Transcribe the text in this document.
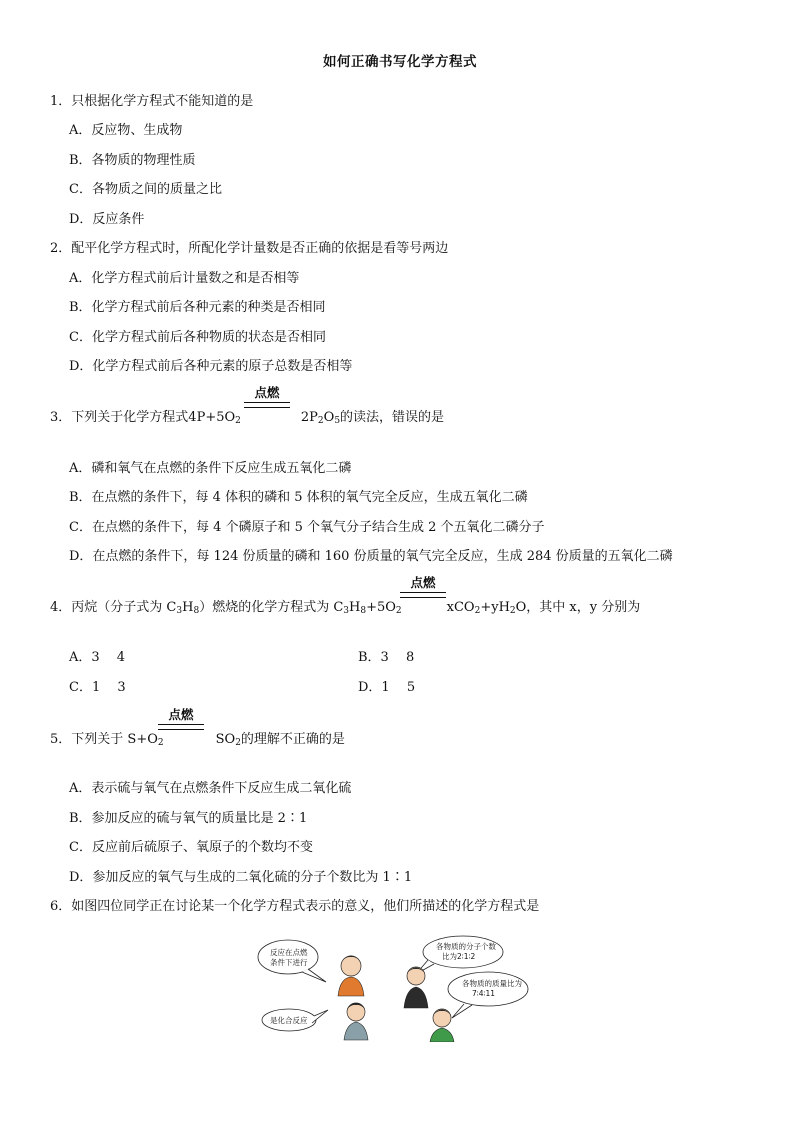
如何正确书写化学方程式
1．只根据化学方程式不能知道的是
A．反应物、生成物
B．各物质的物理性质
C．各物质之间的质量之比
D．反应条件
2．配平化学方程式时，所配化学计量数是否正确的依据是看等号两边
A．化学方程式前后计量数之和是否相等
B．化学方程式前后各种元素的种类是否相同
C．化学方程式前后各种物质的状态是否相同
D．化学方程式前后各种元素的原子总数是否相等
点燃
3．下列关于化学方程式$4P+5O_2$	$2P_2O_5$的读法，错误的是
A．磷和氧气在点燃的条件下反应生成五氧化二磷
B．在点燃的条件下，每 4 体积的磷和 5 体积的氧气完全反应，生成五氧化二磷
C．在点燃的条件下，每 4 个磷原子和 5 个氧气分子结合生成 2 个五氧化二磷分子
D．在点燃的条件下，每 124 份质量的磷和 160 份质量的氧气完全反应，生成 284 份质量的五氧化二磷
点燃
4．丙烷（分子式为 $C_3H_8$）燃烧的化学方程式为 $C_3H_8+5O_2$	$xCO_2+yH_2O$，其中 x，y 分别为
A．3　 4	B．3　 8
C．1　 3	D．1　 5
点燃
5．下列关于 $S+O_2$	$SO_2$的理解不正确的是
A．表示硫与氧气在点燃条件下反应生成二氧化硫
B．参加反应的硫与氧气的质量比是 2∶1
C．反应前后硫原子、氧原子的个数均不变
D．参加反应的氧气与生成的二氧化硫的分子个数比为 1∶1
6．如图四位同学正在讨论某一个化学方程式表示的意义，他们所描述的化学方程式是
反应在点燃
条件下进行
是化合反应
各物质的分子个数
比为2∶1∶2
各物质的质量比为
7∶4∶11
